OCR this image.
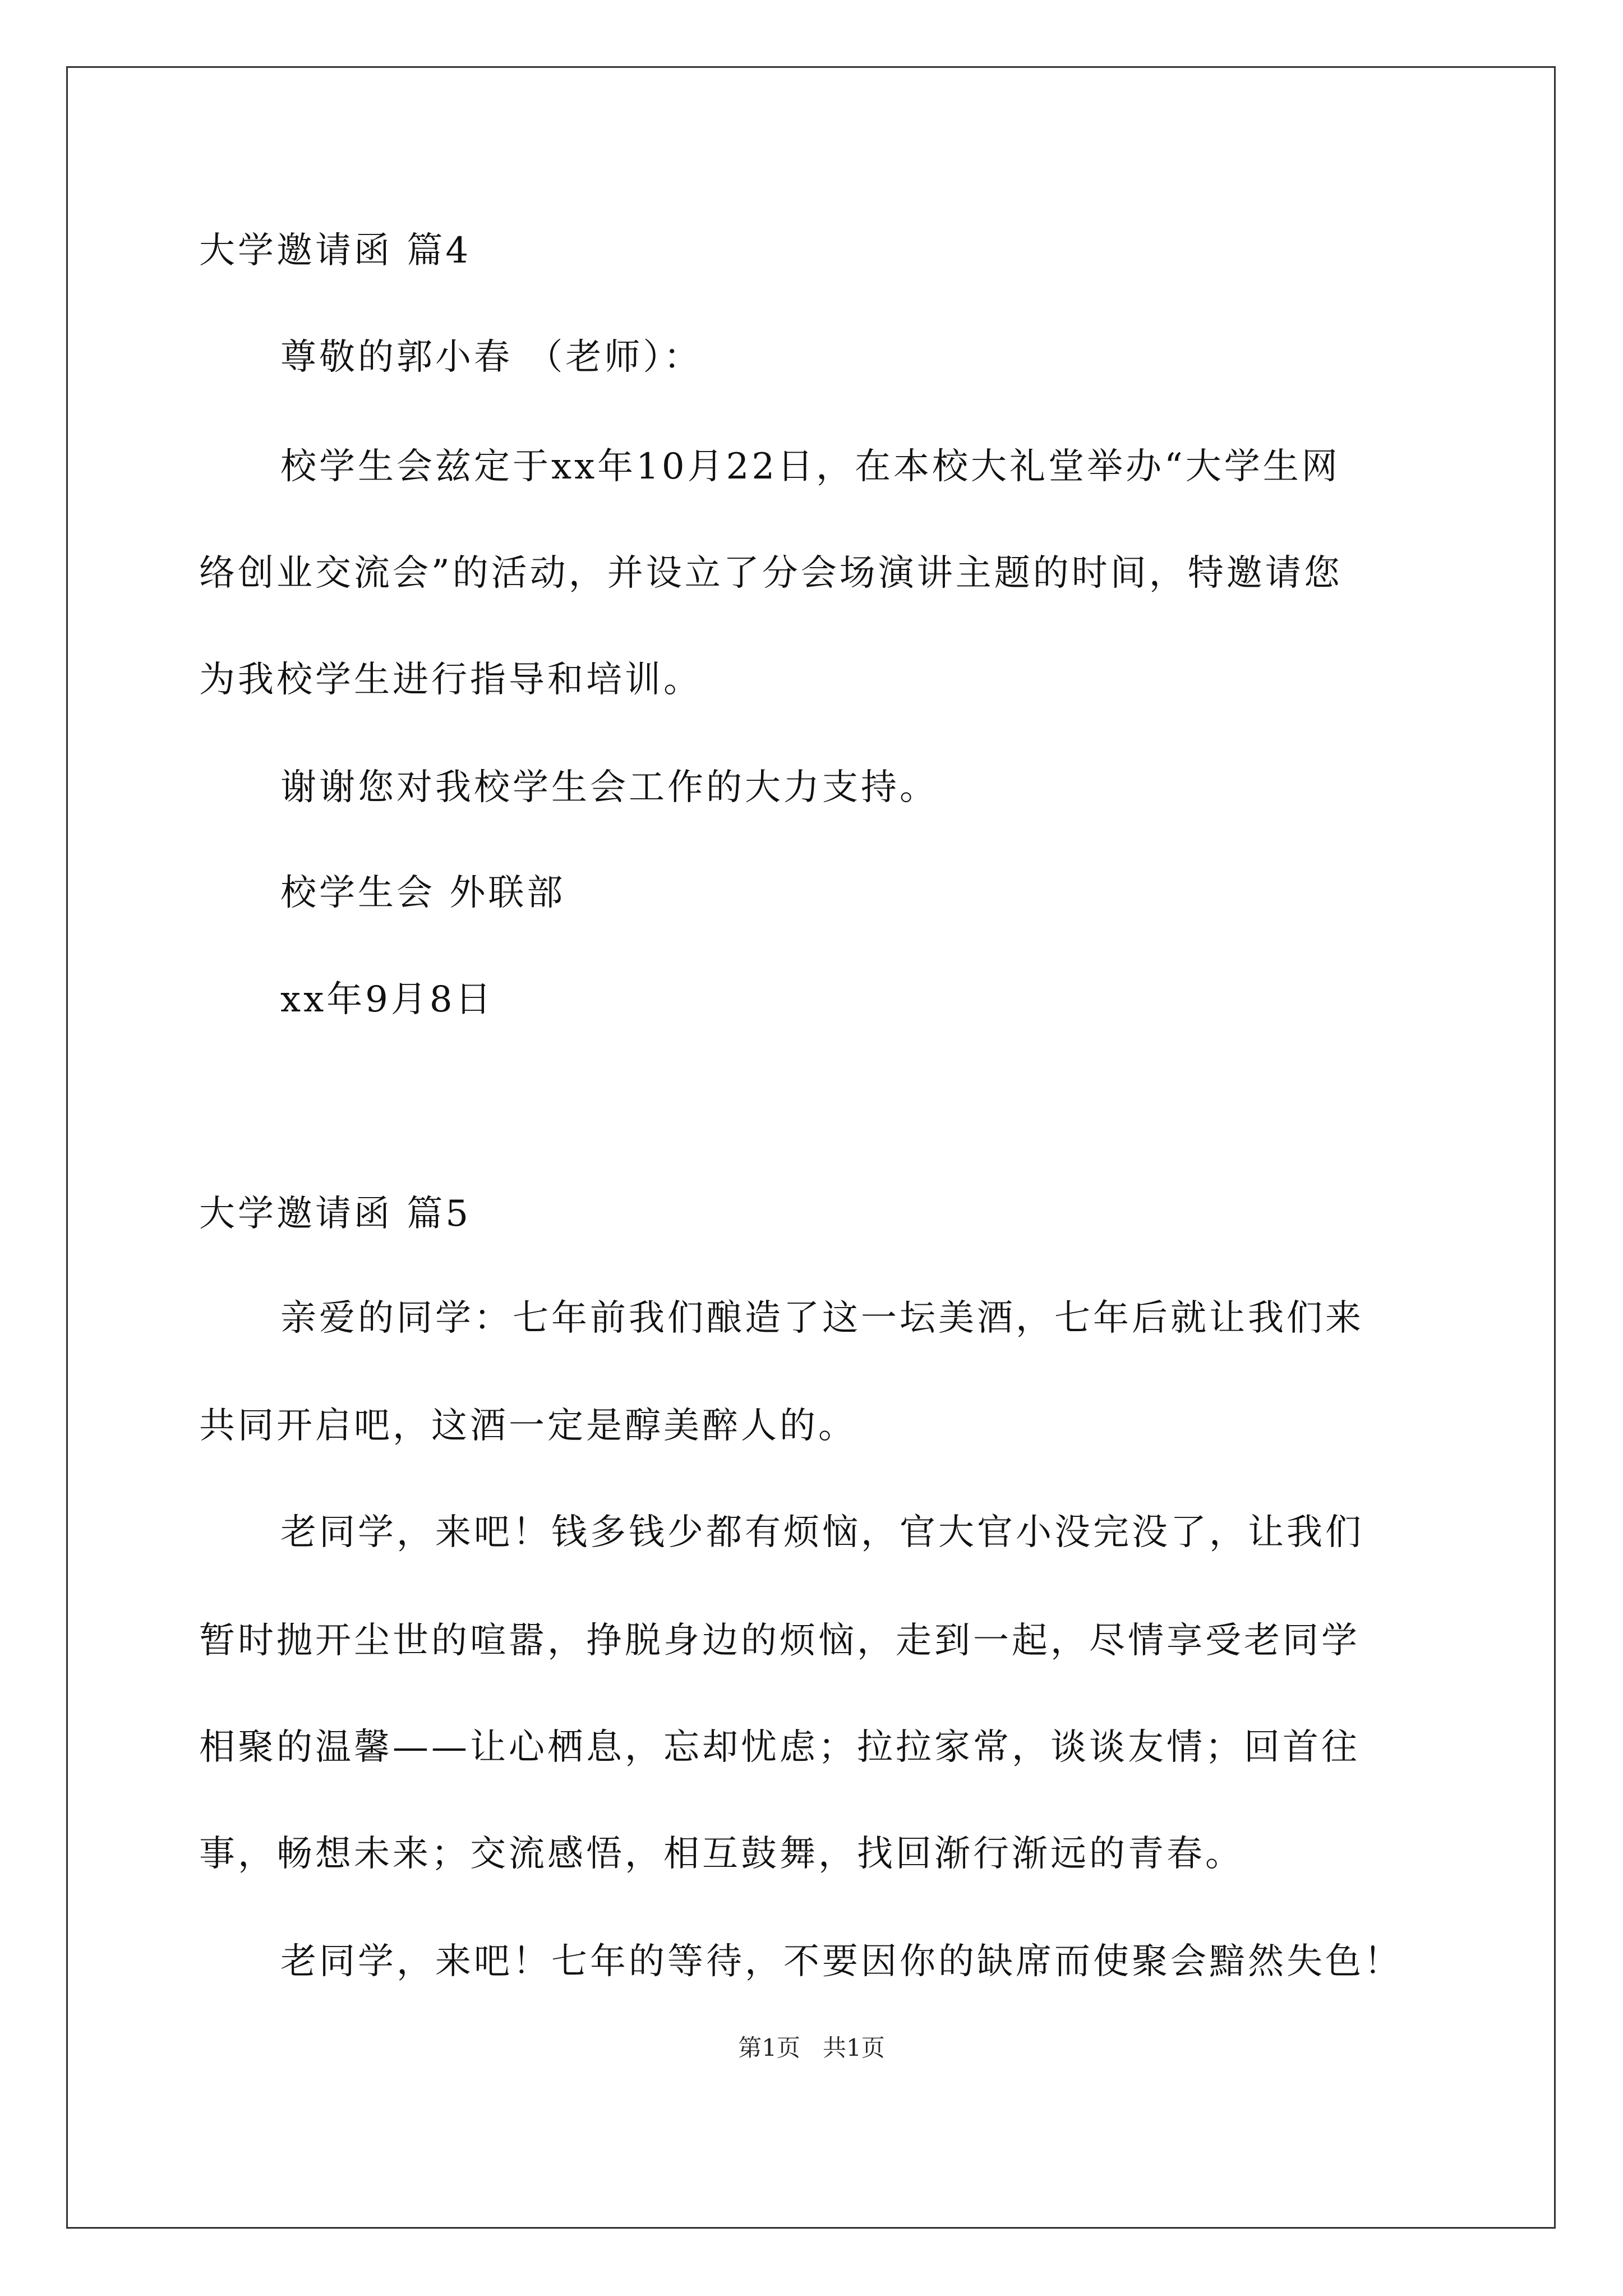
大学邀请函 篇4
尊敬的郭小春 （老师）：
校学生会兹定于xx年10月22日，在本校大礼堂举办“大学生网
络创业交流会”的活动，并设立了分会场演讲主题的时间，特邀请您
为我校学生进行指导和培训。
谢谢您对我校学生会工作的大力支持。
校学生会 外联部
xx年9月8日
大学邀请函 篇5
亲爱的同学：七年前我们酿造了这一坛美酒，七年后就让我们来
共同开启吧，这酒一定是醇美醉人的。
老同学，来吧！钱多钱少都有烦恼，官大官小没完没了，让我们
暂时抛开尘世的喧嚣，挣脱身边的烦恼，走到一起，尽情享受老同学
相聚的温馨——让心栖息，忘却忧虑；拉拉家常，谈谈友情；回首往
事，畅想未来；交流感悟，相互鼓舞，找回渐行渐远的青春。
老同学，来吧！七年的等待，不要因你的缺席而使聚会黯然失色！
第1页   共1页
